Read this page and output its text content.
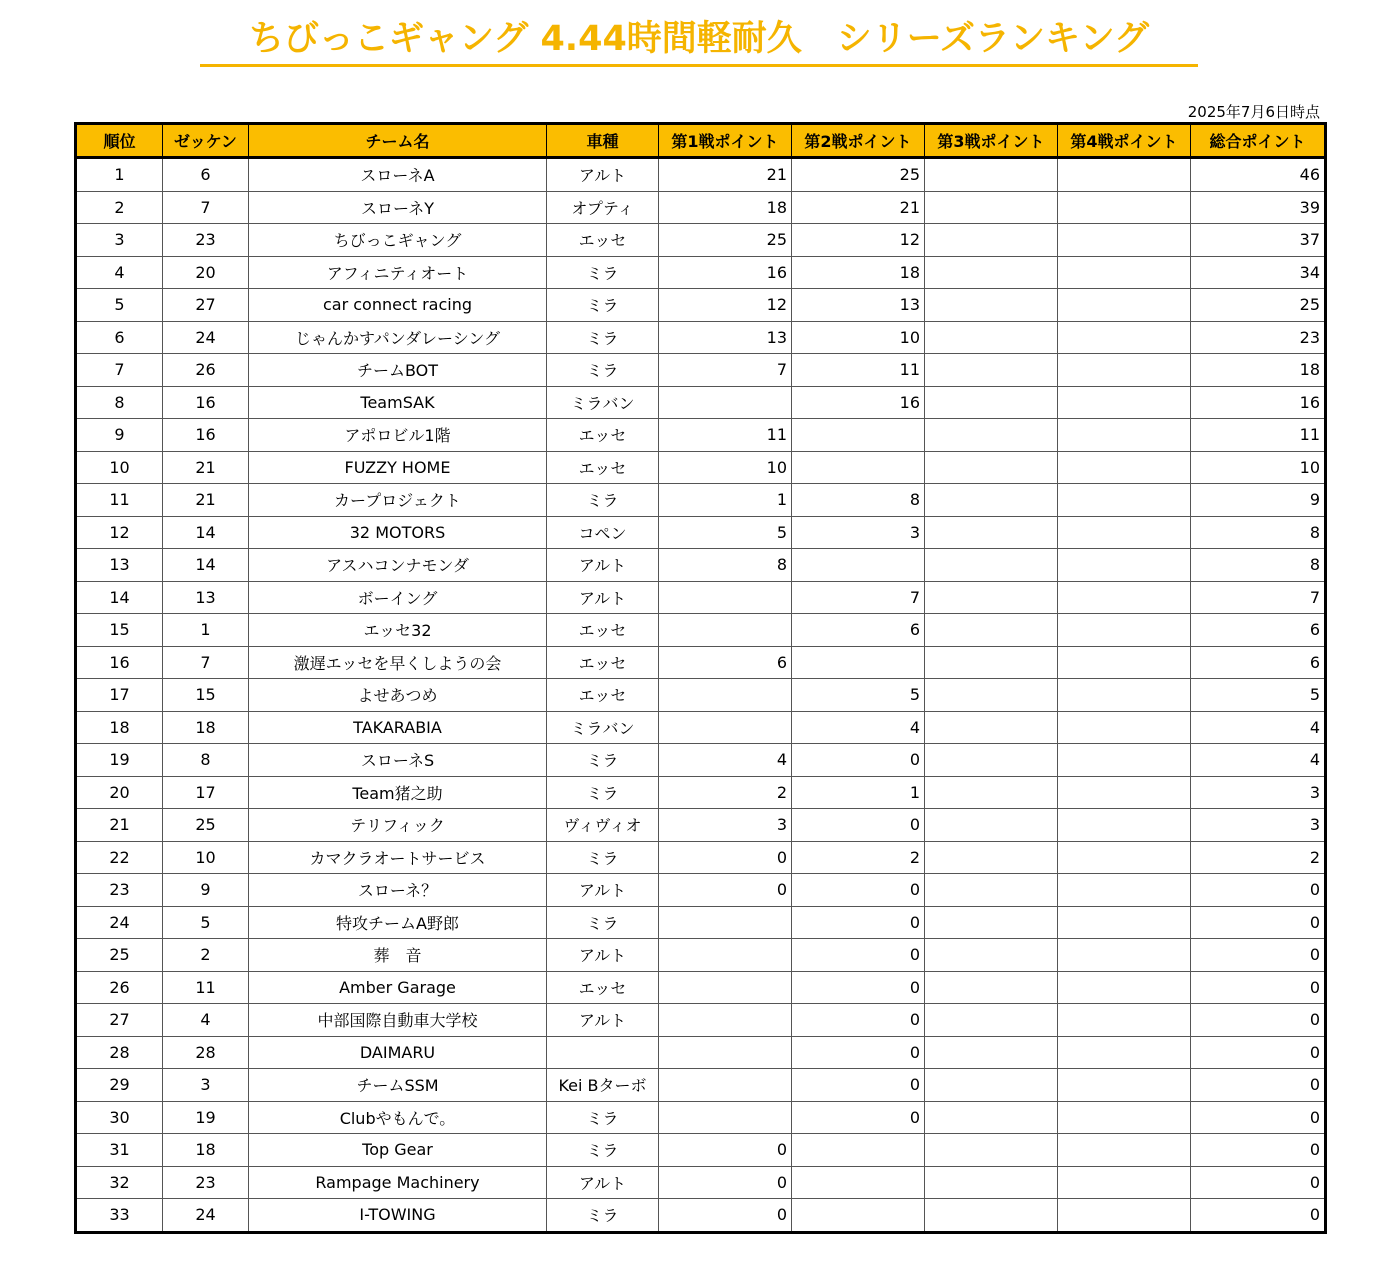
ちびっこギャング 4.44時間軽耐久　シリーズランキング
2025年7月6日時点
順位	ゼッケン	チーム名	車種	第1戦ポイント	第2戦ポイント	第3戦ポイント	第4戦ポイント	総合ポイント
1	6	スローネA	アルト	21	25			46
2	7	スローネY	オプティ	18	21			39
3	23	ちびっこギャング	エッセ	25	12			37
4	20	アフィニティオート	ミラ	16	18			34
5	27	car connect racing	ミラ	12	13			25
6	24	じゃんかすパンダレーシング	ミラ	13	10			23
7	26	チームBOT	ミラ	7	11			18
8	16	TeamSAK	ミラバン		16			16
9	16	アポロビル1階	エッセ	11				11
10	21	FUZZY HOME	エッセ	10				10
11	21	カープロジェクト	ミラ	1	8			9
12	14	32 MOTORS	コペン	5	3			8
13	14	アスハコンナモンダ	アルト	8				8
14	13	ボーイング	アルト		7			7
15	1	エッセ32	エッセ		6			6
16	7	激遅エッセを早くしようの会	エッセ	6				6
17	15	よせあつめ	エッセ		5			5
18	18	TAKARABIA	ミラバン		4			4
19	8	スローネS	ミラ	4	0			4
20	17	Team猪之助	ミラ	2	1			3
21	25	テリフィック	ヴィヴィオ	3	0			3
22	10	カマクラオートサービス	ミラ	0	2			2
23	9	スローネ？	アルト	0	0			0
24	5	特攻チームA野郎	ミラ		0			0
25	2	葬　音	アルト		0			0
26	11	Amber Garage	エッセ		0			0
27	4	中部国際自動車大学校	アルト		0			0
28	28	DAIMARU			0			0
29	3	チームSSM	Kei Bターボ		0			0
30	19	Clubやもんで。	ミラ		0			0
31	18	Top Gear	ミラ	0				0
32	23	Rampage Machinery	アルト	0				0
33	24	I-TOWING	ミラ	0				0
